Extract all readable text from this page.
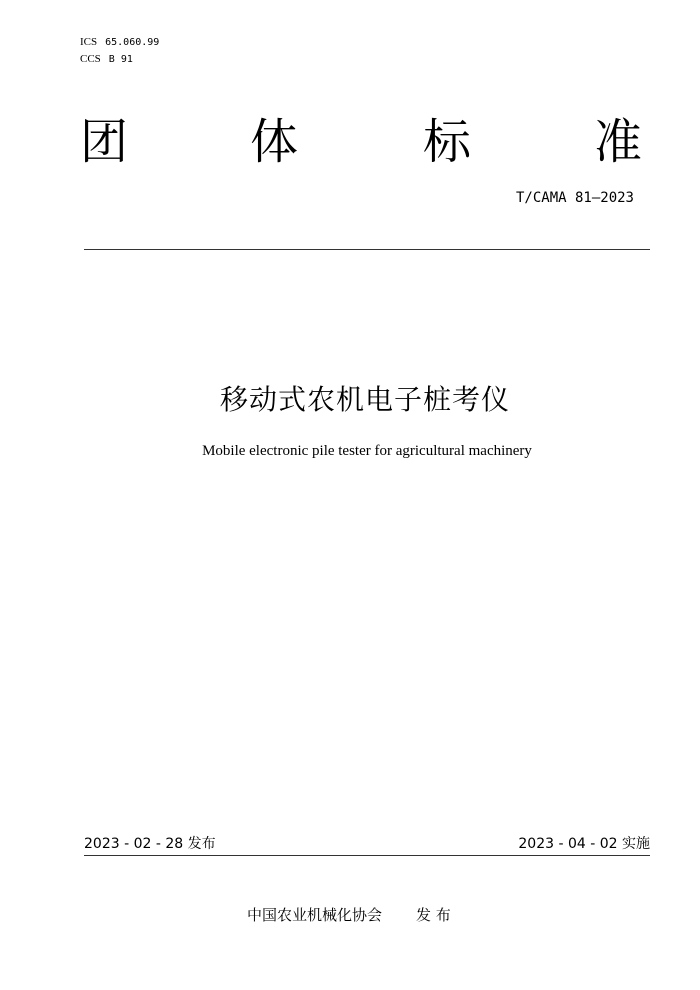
ICS 65.060.99
CCS B 91
团	体	标	准
T/CAMA 81—2023
移动式农机电子桩考仪
Mobile electronic pile tester for agricultural machinery
2023 - 02 - 28 发布	2023 - 04 - 02 实施
中国农业机械化协会 发 布
